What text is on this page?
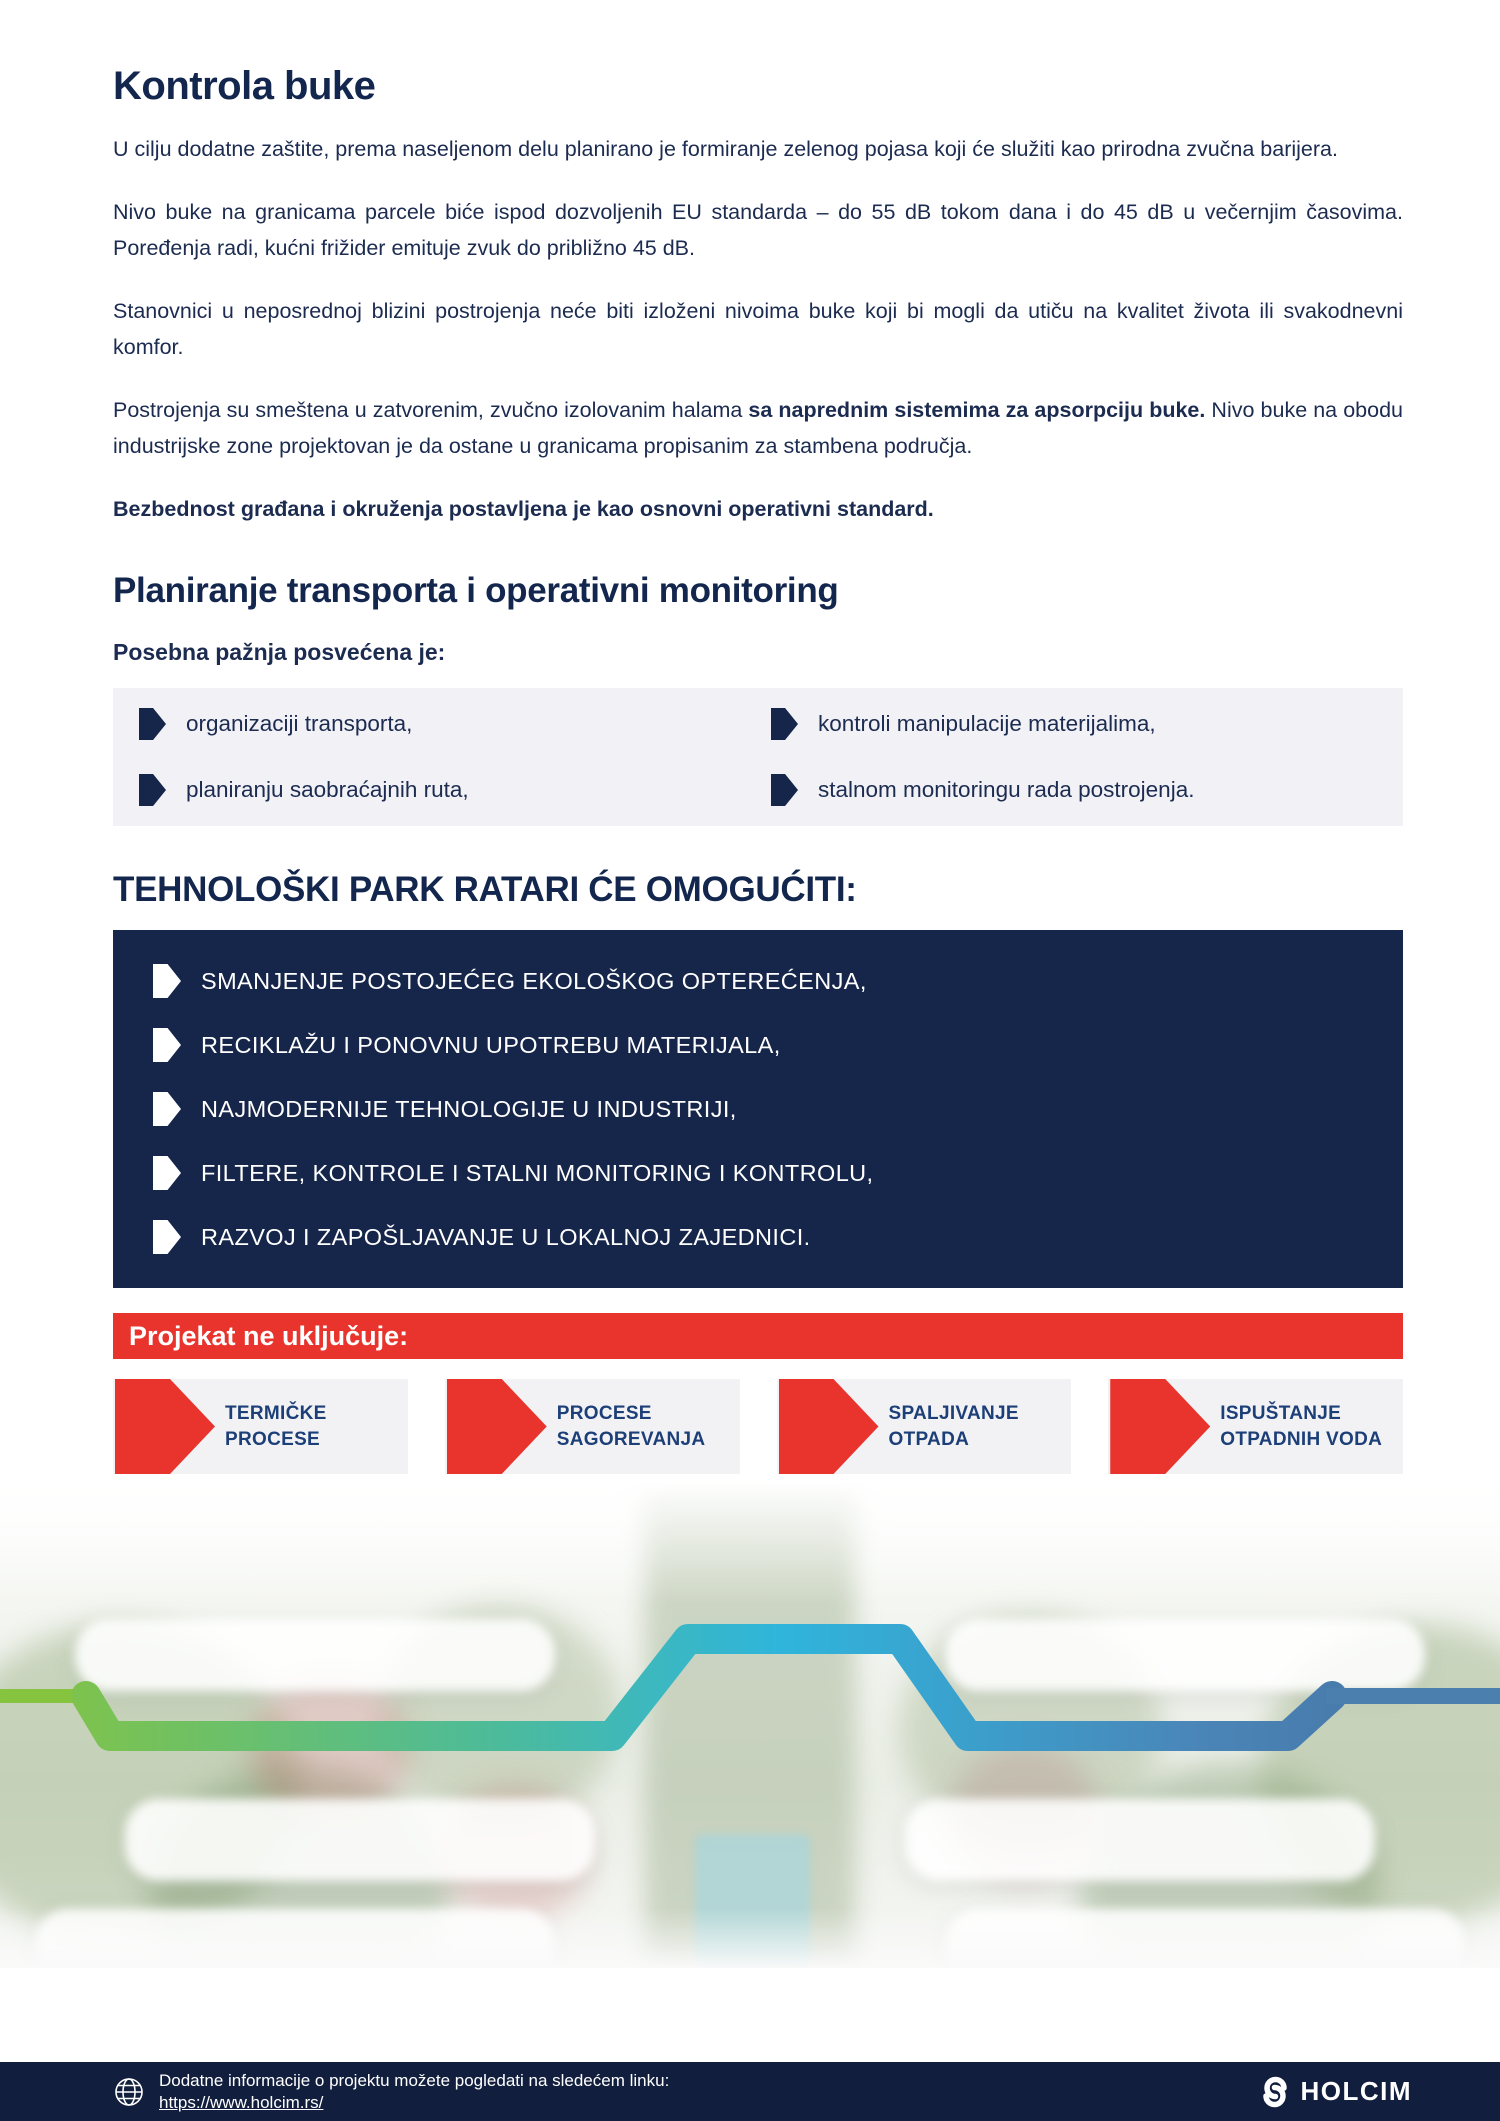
Kontrola buke

U cilju dodatne zaštite, prema naseljenom delu planirano je formiranje zelenog pojasa koji će služiti kao prirodna zvučna barijera.

Nivo buke na granicama parcele biće ispod dozvoljenih EU standarda – do 55 dB tokom dana i do 45 dB u večernjim časovima. Poređenja radi, kućni frižider emituje zvuk do približno 45 dB.

Stanovnici u neposrednoj blizini postrojenja neće biti izloženi nivoima buke koji bi mogli da utiču na kvalitet života ili svakodnevni komfor.

Postrojenja su smeštena u zatvorenim, zvučno izolovanim halama sa naprednim sistemima za apsorpciju buke. Nivo buke na obodu industrijske zone projektovan je da ostane u granicama propisanim za stambena područja.

Bezbednost građana i okruženja postavljena je kao osnovni operativni standard.

Planiranje transporta i operativni monitoring

Posebna pažnja posvećena je:

organizaciji transporta,
planiranju saobraćajnih ruta,
kontroli manipulacije materijalima,
stalnom monitoringu rada postrojenja.
TEHNOLOŠKI PARK RATARI ĆE OMOGUĆITI:
SMANJENJE POSTOJEĆEG EKOLOŠKOG OPTEREĆENJA,
RECIKLAŽU I PONOVNU UPOTREBU MATERIJALA,
NAJMODERNIJE TEHNOLOGIJE U INDUSTRIJI,
FILTERE, KONTROLE I STALNI MONITORING I KONTROLU,
RAZVOJ I ZAPOŠLJAVANJE U LOKALNOJ ZAJEDNICI.
Projekat ne uključuje:
TERMIČKE
PROCESE
PROCESE
SAGOREVANJA
SPALJIVANJE
OTPADA
ISPUŠTANJE
OTPADNIH VODA
Dodatne informacije o projektu možete pogledati na sledećem linku:
https://www.holcim.rs/	HOLCIM
